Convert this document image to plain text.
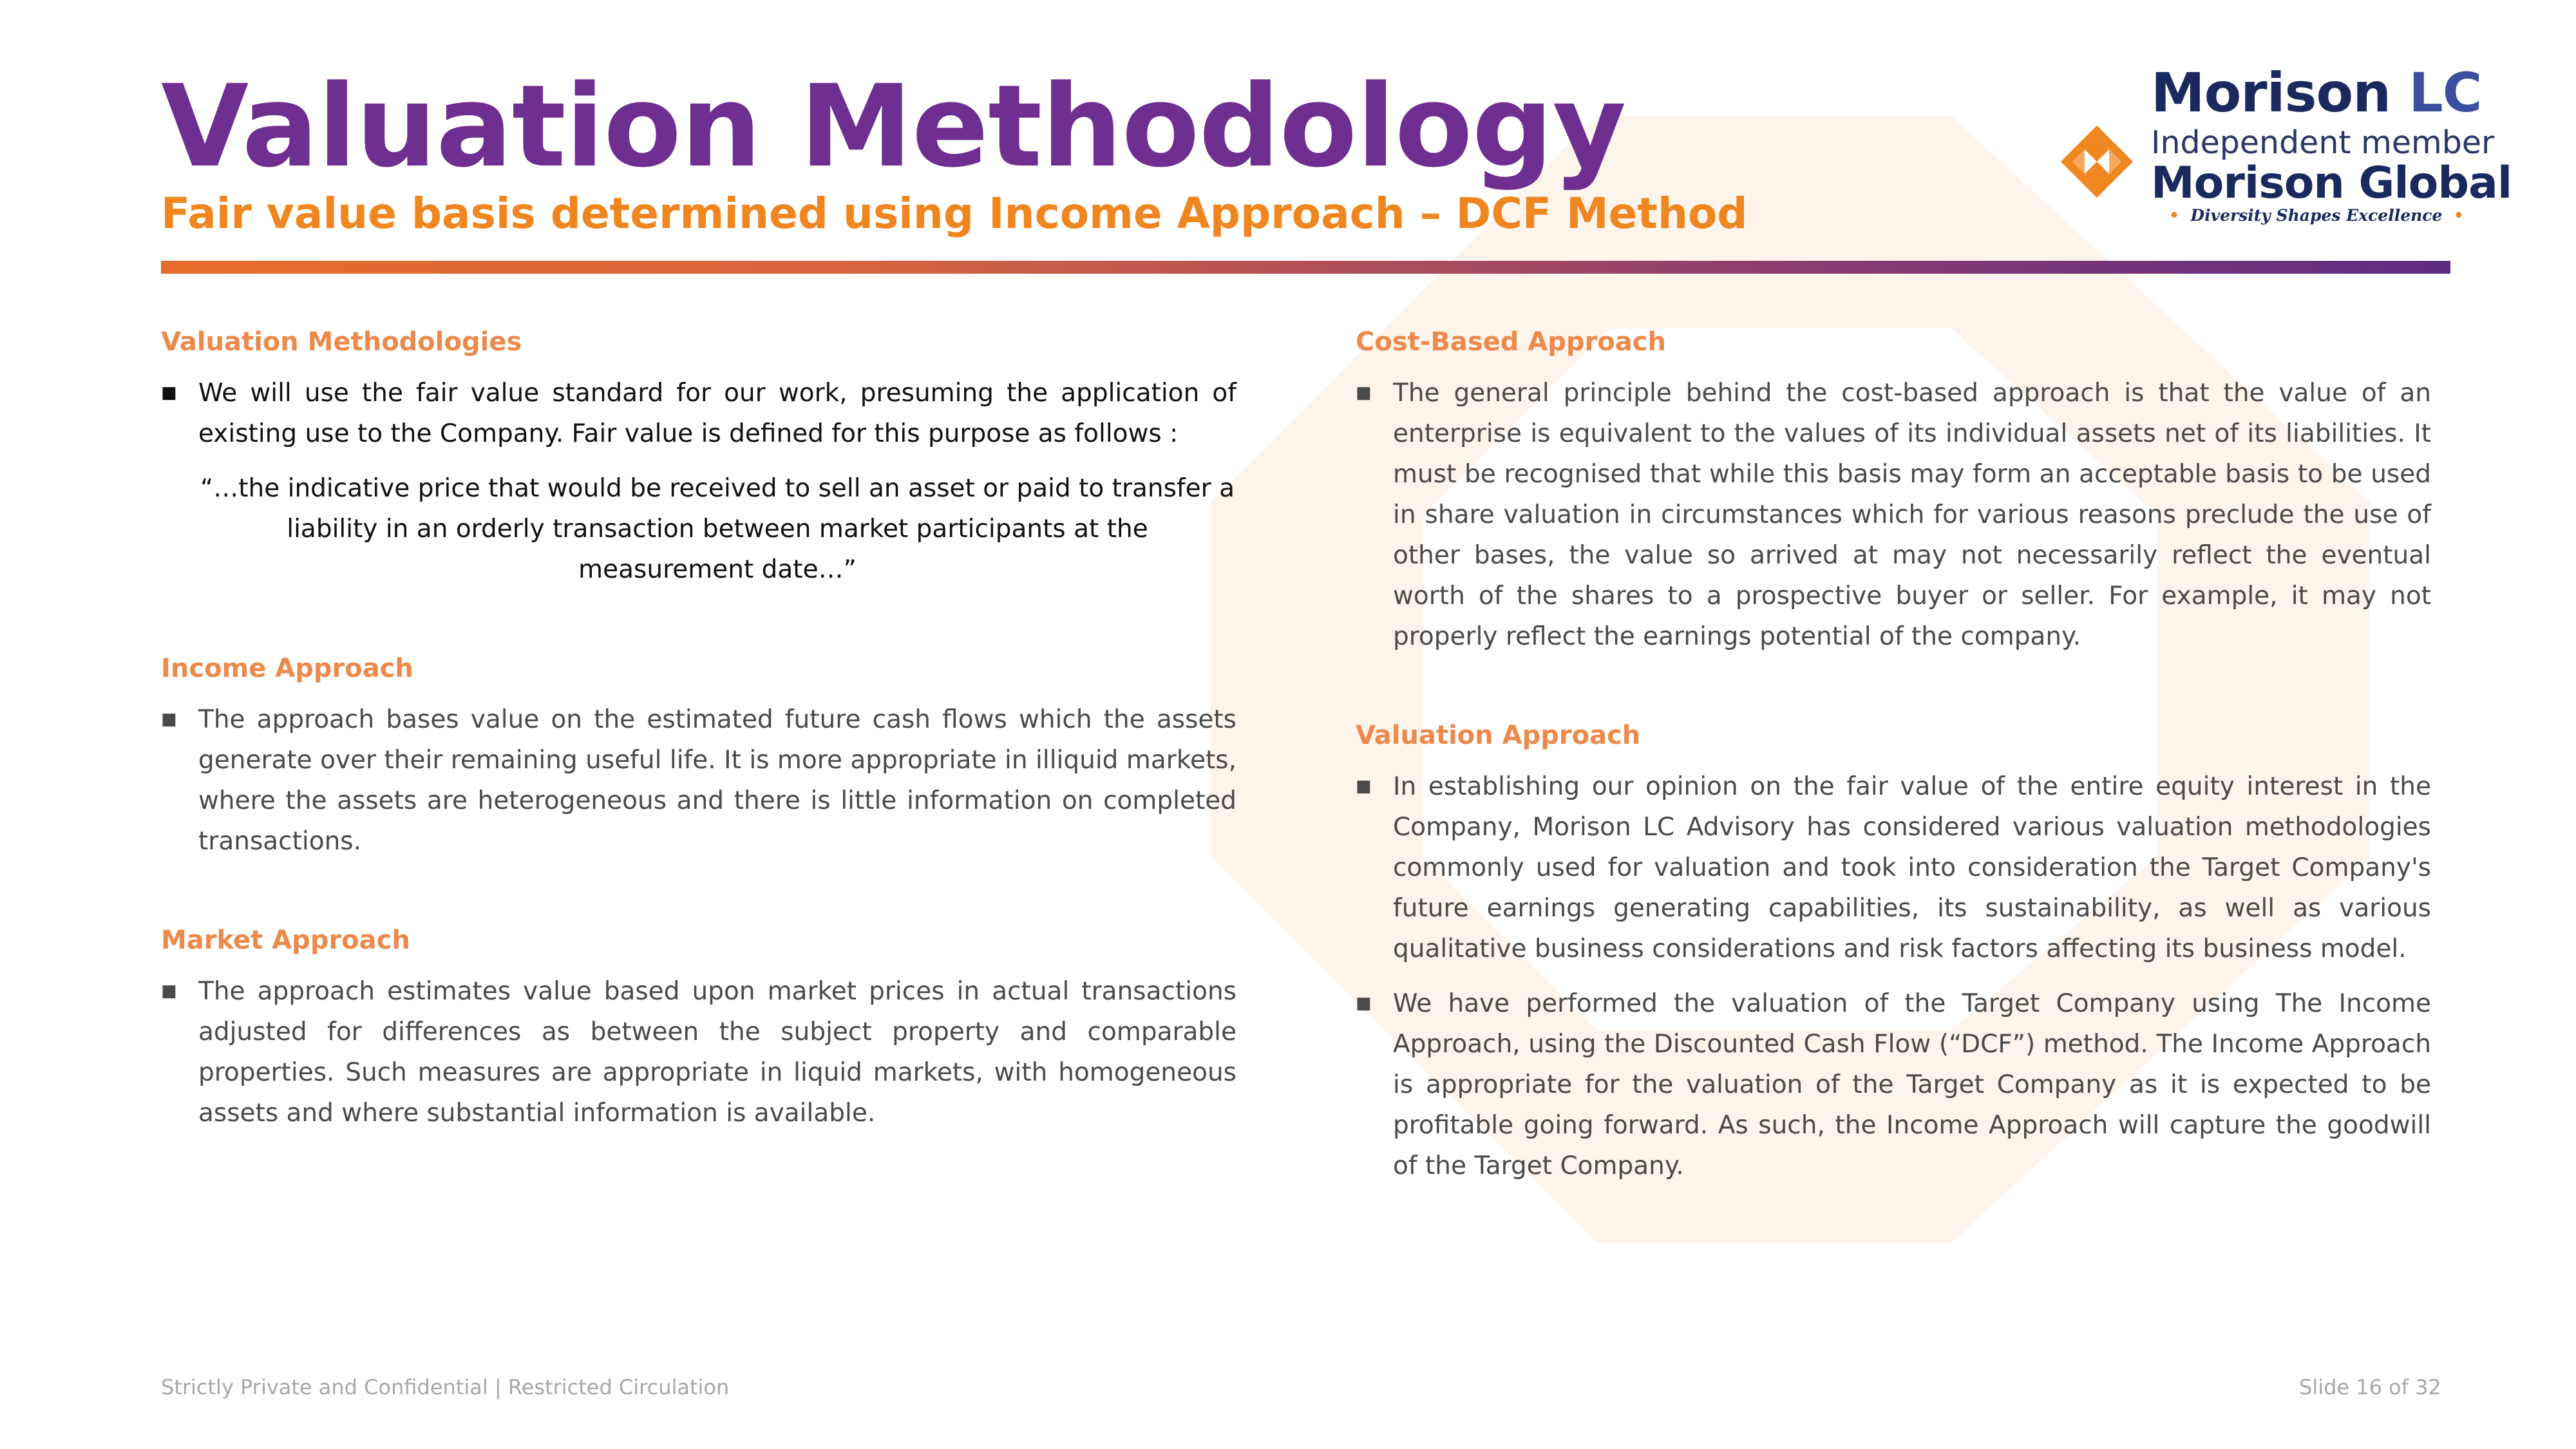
Valuation Methodology
Fair value basis determined using Income Approach – DCF Method
Morison LC
Independent member
Morison Global
• Diversity Shapes Excellence •

Valuation Methodologies

■ We will use the fair value standard for our work, presuming the application of existing use to the Company. Fair value is defined for this purpose as follows :

“…the indicative price that would be received to sell an asset or paid to transfer a liability in an orderly transaction between market participants at the measurement date…”

Income Approach

■ The approach bases value on the estimated future cash flows which the assets generate over their remaining useful life. It is more appropriate in illiquid markets, where the assets are heterogeneous and there is little information on completed transactions.

Market Approach

■ The approach estimates value based upon market prices in actual transactions adjusted for differences as between the subject property and comparable properties. Such measures are appropriate in liquid markets, with homogeneous assets and where substantial information is available.

Cost-Based Approach

■ The general principle behind the cost-based approach is that the value of an enterprise is equivalent to the values of its individual assets net of its liabilities. It must be recognised that while this basis may form an acceptable basis to be used in share valuation in circumstances which for various reasons preclude the use of other bases, the value so arrived at may not necessarily reflect the eventual worth of the shares to a prospective buyer or seller. For example, it may not properly reflect the earnings potential of the company.

Valuation Approach

■ In establishing our opinion on the fair value of the entire equity interest in the Company, Morison LC Advisory has considered various valuation methodologies commonly used for valuation and took into consideration the Target Company's future earnings generating capabilities, its sustainability, as well as various qualitative business considerations and risk factors affecting its business model.

■ We have performed the valuation of the Target Company using The Income Approach, using the Discounted Cash Flow (“DCF”) method. The Income Approach is appropriate for the valuation of the Target Company as it is expected to be profitable going forward. As such, the Income Approach will capture the goodwill of the Target Company.

Strictly Private and Confidential | Restricted Circulation	Slide 16 of 32
